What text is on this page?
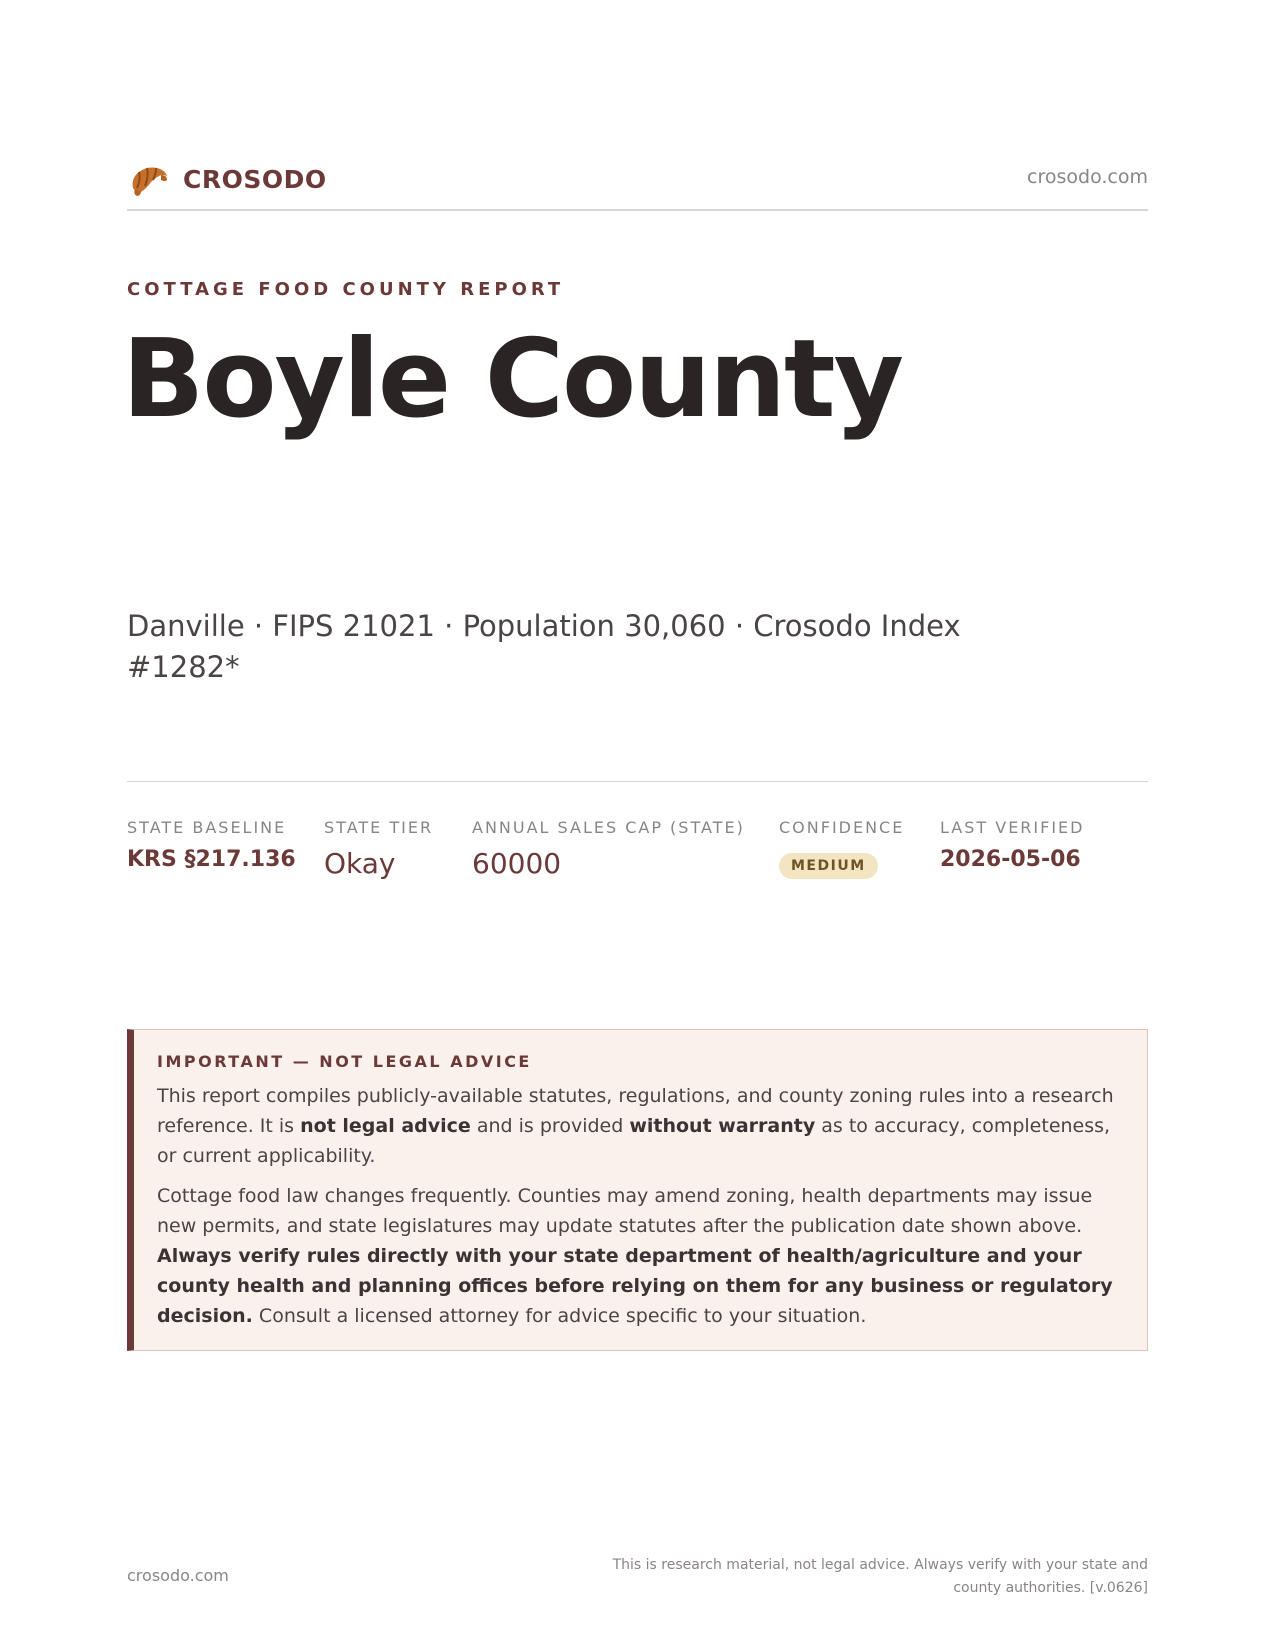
CROSODO	crosodo.com
COTTAGE FOOD COUNTY REPORT
Boyle County
Danville · FIPS 21021 · Population 30,060 · Crosodo Index #1282*
STATE BASELINE
KRS §217.136
STATE TIER
Okay
ANNUAL SALES CAP (STATE)
60000
CONFIDENCE
MEDIUM
LAST VERIFIED
2026-05-06
IMPORTANT — NOT LEGAL ADVICE

This report compiles publicly-available statutes, regulations, and county zoning rules into a research reference. It is not legal advice and is provided without warranty as to accuracy, completeness, or current applicability.

Cottage food law changes frequently. Counties may amend zoning, health departments may issue new permits, and state legislatures may update statutes after the publication date shown above. Always verify rules directly with your state department of health/agriculture and your county health and planning offices before relying on them for any business or regulatory decision. Consult a licensed attorney for advice specific to your situation.

crosodo.com
This is research material, not legal advice. Always verify with your state and county authorities. [v.0626]
